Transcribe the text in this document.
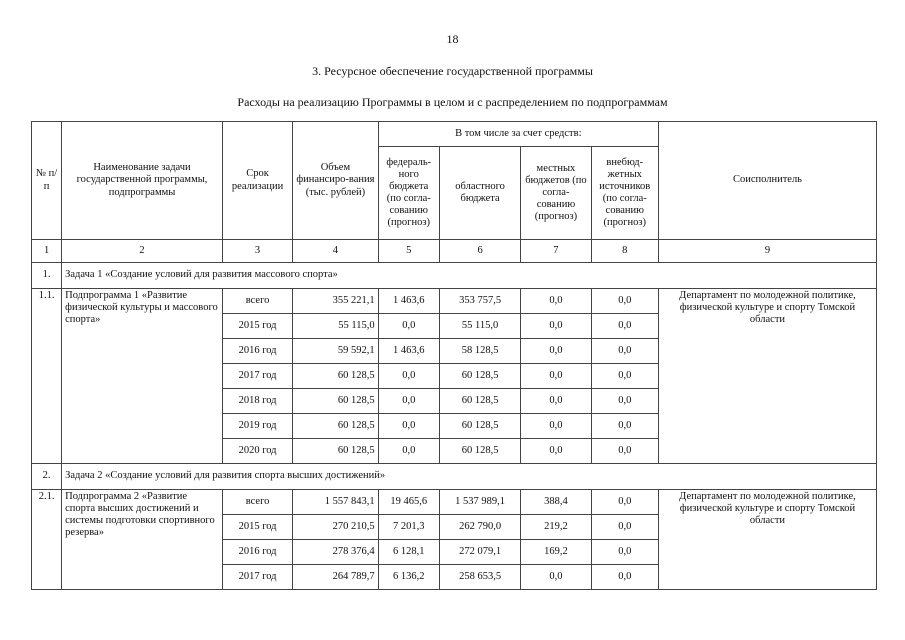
18
3. Ресурсное обеспечение государственной программы
Расходы на реализацию Программы в целом и с распределением по подпрограммам
№ п/п	Наименование задачи государственной программы, подпрограммы	Срок реализации	Объем финансиро-вания (тыс. рублей)	В том числе за счет средств:				Соисполнитель
				федераль-ного бюджета (по согла-сованию (прогноз)	областного бюджета	местных бюджетов (по согла-сованию (прогноз)	внебюд-жетных источников (по согла-сованию (прогноз)	
1	2	3	4	5	6	7	8	9
1.	Задача 1 «Создание условий для развития массового спорта»							
1.1.	Подпрограмма 1 «Развитие физической культуры и массового спорта»	всего	355 221,1	1 463,6	353 757,5	0,0	0,0	Департамент по молодежной политике, физической культуре и спорту Томской области
		2015 год	55 115,0	0,0	55 115,0	0,0	0,0	
		2016 год	59 592,1	1 463,6	58 128,5	0,0	0,0	
		2017 год	60 128,5	0,0	60 128,5	0,0	0,0	
		2018 год	60 128,5	0,0	60 128,5	0,0	0,0	
		2019 год	60 128,5	0,0	60 128,5	0,0	0,0	
		2020 год	60 128,5	0,0	60 128,5	0,0	0,0	
2.	Задача 2 «Создание условий для развития спорта высших достижений»							
2.1.	Подпрограмма 2 «Развитие спорта высших достижений и системы подготовки спортивного резерва»	всего	1 557 843,1	19 465,6	1 537 989,1	388,4	0,0	Департамент по молодежной политике, физической культуре и спорту Томской области
		2015 год	270 210,5	7 201,3	262 790,0	219,2	0,0	
		2016 год	278 376,4	6 128,1	272 079,1	169,2	0,0	
		2017 год	264 789,7	6 136,2	258 653,5	0,0	0,0	
